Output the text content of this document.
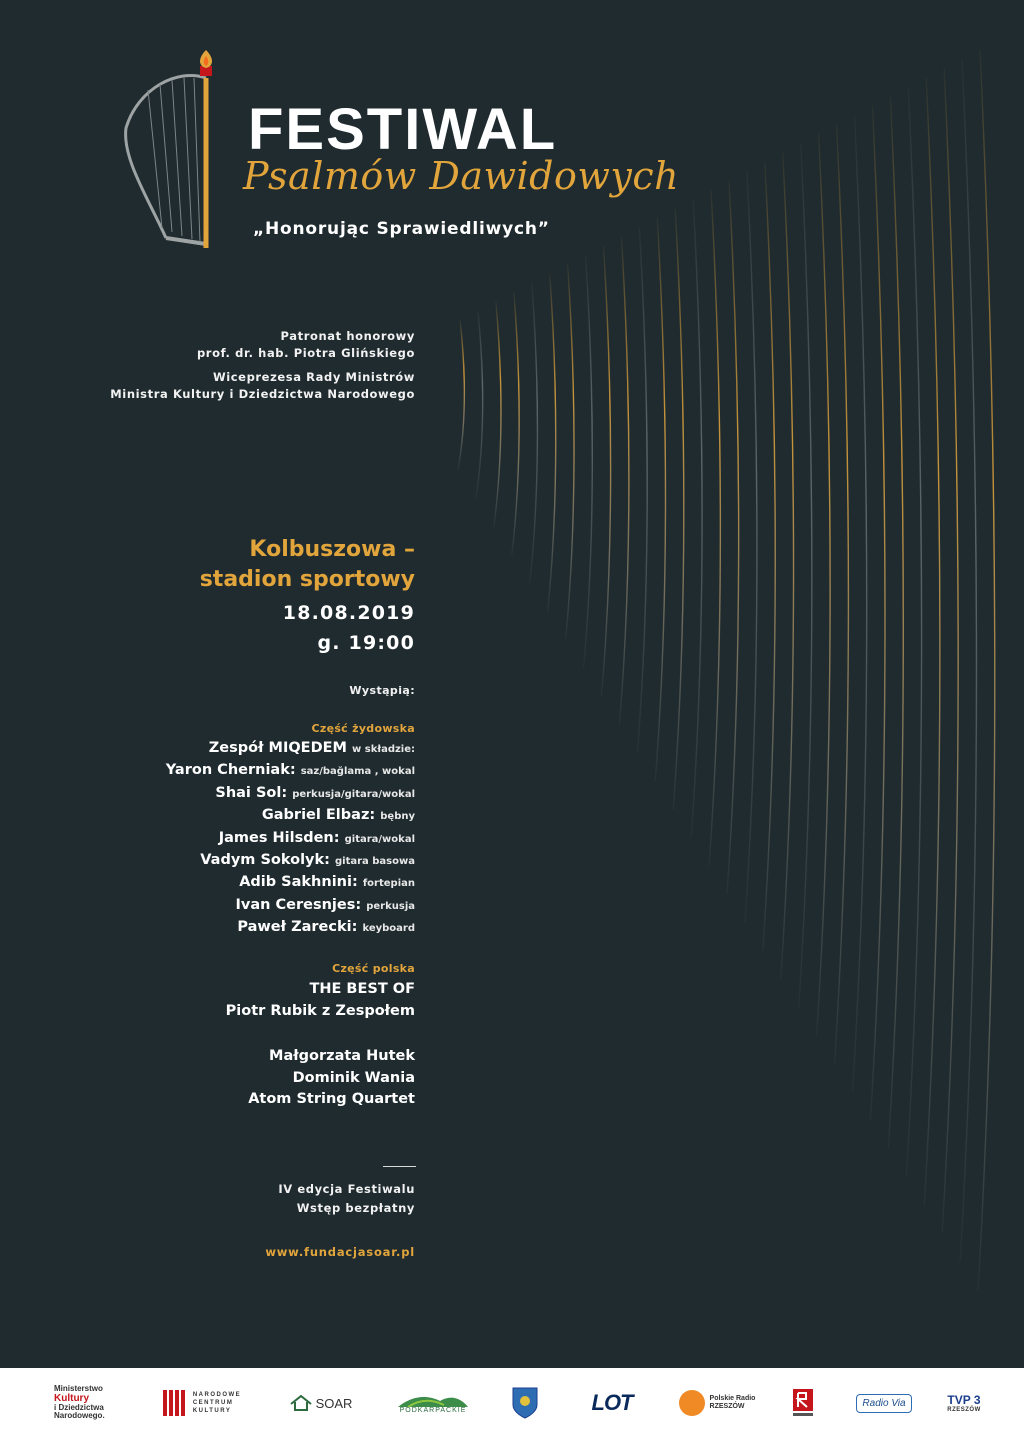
FESTIWAL
Psalmów Dawidowych
„Honorując Sprawiedliwych”
Patronat honorowy
prof. dr. hab. Piotra Glińskiego
Wiceprezesa Rady Ministrów
Ministra Kultury i Dziedzictwa Narodowego
Kolbuszowa –
stadion sportowy
18.08.2019
g. 19:00
Wystąpią:
Część żydowska
Zespół MIQEDEM w składzie:
Yaron Cherniak: saz/bağlama , wokal
Shai Sol: perkusja/gitara/wokal
Gabriel Elbaz: bębny
James Hilsden: gitara/wokal
Vadym Sokolyk: gitara basowa
Adib Sakhnini: fortepian
Ivan Ceresnjes: perkusja
Paweł Zarecki: keyboard
Część polska
THE BEST OF
Piotr Rubik z Zespołem
Małgorzata Hutek
Dominik Wania
Atom String Quartet
IV edycja Festiwalu
Wstęp bezpłatny
www.fundacjasoar.pl
Ministerstwo
Kultury
i Dziedzictwa
Narodowego.
NARODOWE
CENTRUM
KULTURY
SOAR	PODKARPACKIE	LOT	Polskie Radio
RZESZÓW	Radio Via	TVP 3
RZESZÓW
